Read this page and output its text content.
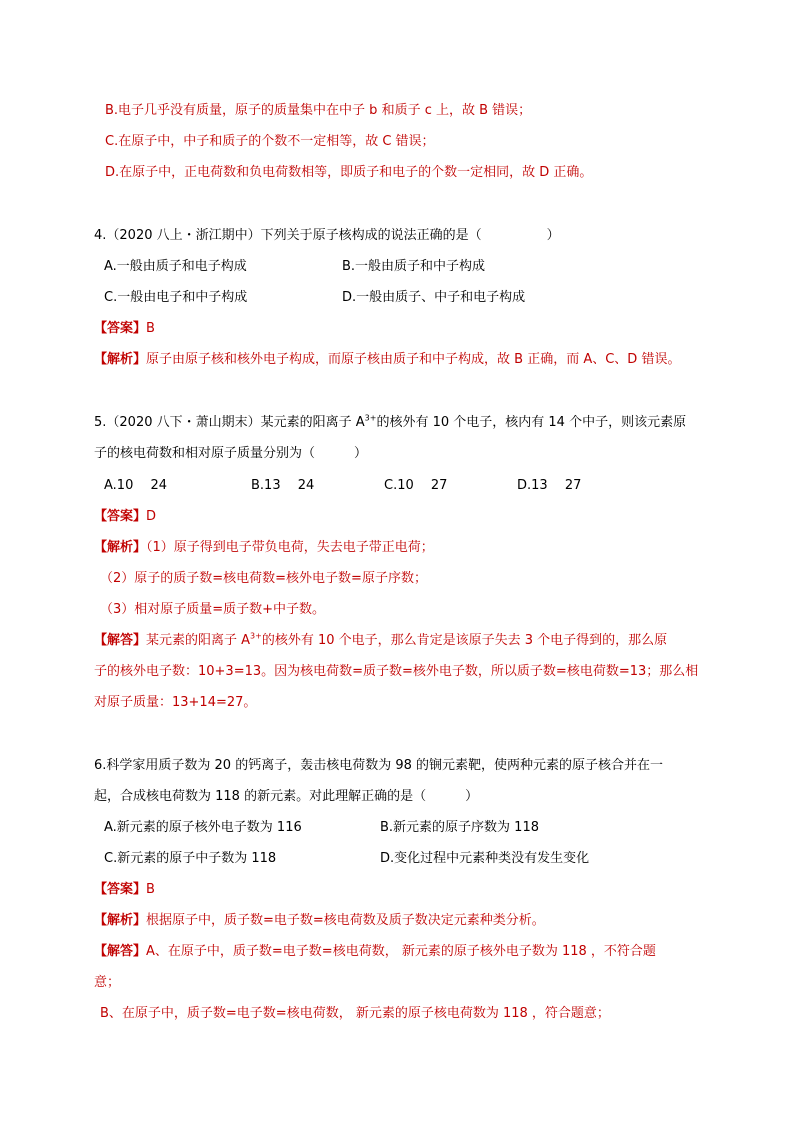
B.电子几乎没有质量，原子的质量集中在中子 b 和质子 c 上，故 B 错误；
C.在原子中，中子和质子的个数不一定相等，故 C 错误；
D.在原子中，正电荷数和负电荷数相等，即质子和电子的个数一定相同，故 D 正确。
4.（2020 八上・浙江期中）下列关于原子核构成的说法正确的是（　　　　　）
A.一般由质子和电子构成	B.一般由质子和中子构成
C.一般由电子和中子构成	D.一般由质子、中子和电子构成
【答案】B
【解析】原子由原子核和核外电子构成，而原子核由质子和中子构成，故 B 正确，而 A、C、D 错误。
5.（2020 八下・萧山期末）某元素的阳离子 $A^{3+}$的核外有 10 个电子，核内有 14 个中子，则该元素原
子的核电荷数和相对原子质量分别为（　　　）
A.10　 24	B.13　 24	C.10　 27	D.13　 27
【答案】D
【解析】（1）原子得到电子带负电荷，失去电子带正电荷；
（2）原子的质子数=核电荷数=核外电子数=原子序数；
（3）相对原子质量=质子数+中子数。
【解答】某元素的阳离子 $A^{3+}$的核外有 10 个电子，那么肯定是该原子失去 3 个电子得到的，那么原
子的核外电子数：10+3=13。因为核电荷数=质子数=核外电子数，所以质子数=核电荷数=13；那么相
对原子质量：13+14=27。
6.科学家用质子数为 20 的钙离子，轰击核电荷数为 98 的锎元素靶，使两种元素的原子核合并在一
起，合成核电荷数为 118 的新元素。对此理解正确的是（　　　）
A.新元素的原子核外电子数为 116	B.新元素的原子序数为 118
C.新元素的原子中子数为 118	D.变化过程中元素种类没有发生变化
【答案】B
【解析】根据原子中，质子数=电子数=核电荷数及质子数决定元素种类分析。
【解答】A、在原子中，质子数=电子数=核电荷数， 新元素的原子核外电子数为 118 ，不符合题
意；
B、在原子中，质子数=电子数=核电荷数， 新元素的原子核电荷数为 118 ，符合题意；
